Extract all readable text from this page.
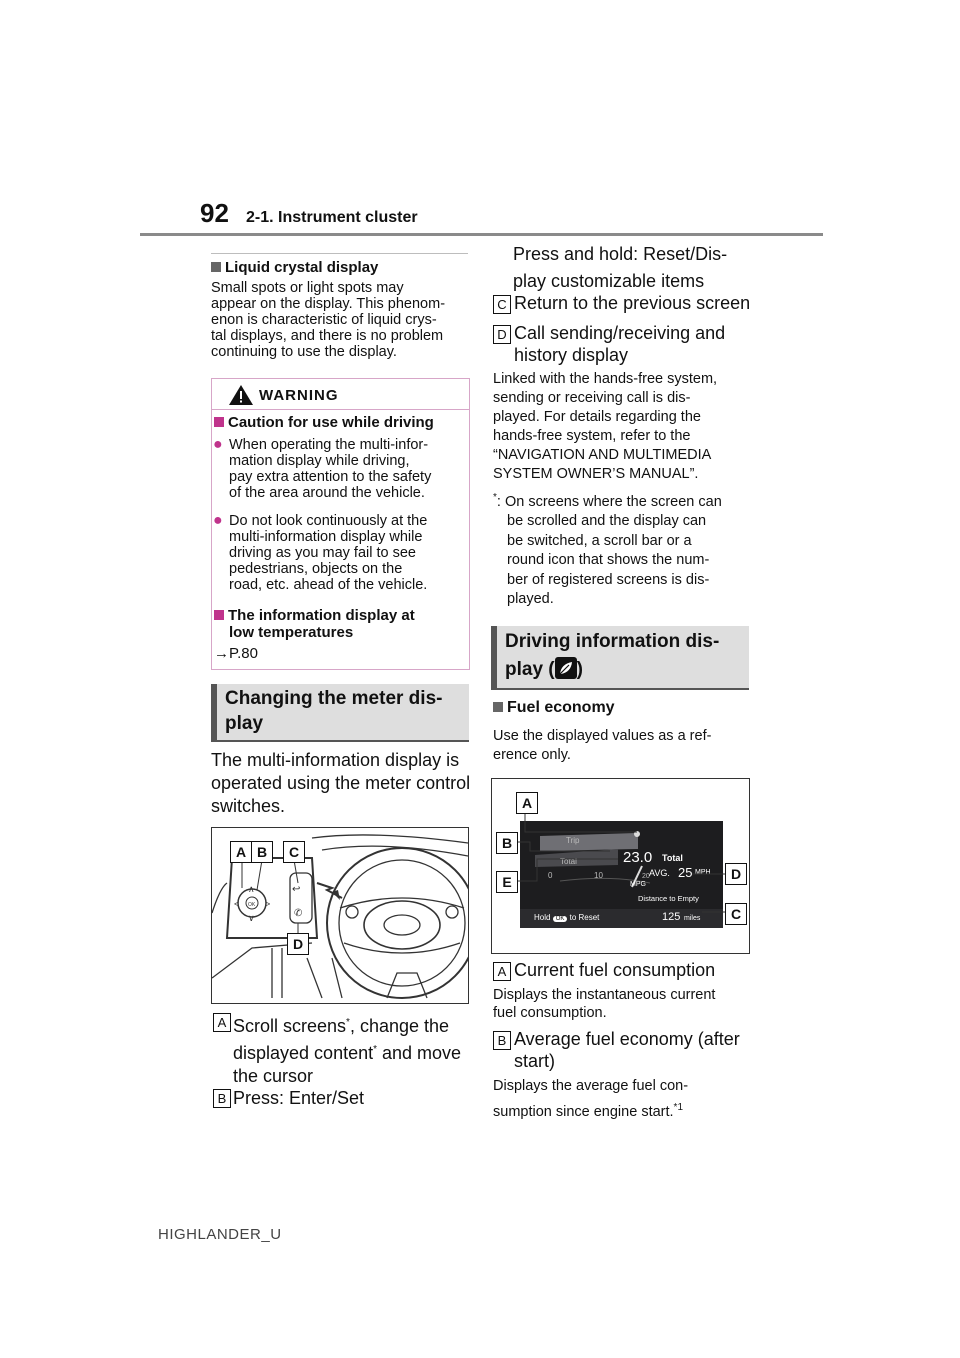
92 2-1. Instrument cluster
Liquid crystal display
Small spots or light spots may
appear on the display. This phenom-
enon is characteristic of liquid crys-
tal displays, and there is no problem
continuing to use the display.
WARNING
Caution for use while driving
● When operating the multi-infor-
mation display while driving,
pay extra attention to the safety
of the area around the vehicle.
● Do not look continuously at the
multi-information display while
driving as you may fail to see
pedestrians, objects on the
road, etc. ahead of the vehicle.
The information display at
low temperatures
→P.80
Changing the meter dis-
play
The multi-information display is
operated using the meter control
switches.
OK
∧
∨
<	>
↩
✆
A B	C
D
A Scroll screens*, change the
displayed content* and move
the cursor
B Press: Enter/Set
Press and hold: Reset/Dis-
play customizable items
C Return to the previous screen
D Call sending/receiving and
history display
Linked with the hands-free system,
sending or receiving call is dis-
played. For details regarding the
hands-free system, refer to the
“NAVIGATION AND MULTIMEDIA
SYSTEM OWNER’S MANUAL”.
*: On screens where the screen can
be scrolled and the display can
be switched, a scroll bar or a
round icon that shows the num-
ber of registered screens is dis-
played.
Driving information dis-
play ( )
Fuel economy
Use the displayed values as a ref-
erence only.
Trip
Total	23.0 Total
AVG. 25 MPH
0	10	20
MPG
Distance to Empty
Hold OK to Reset	125 miles
A
B
E	D
C
A Current fuel consumption
Displays the instantaneous current
fuel consumption.
B Average fuel economy (after
start)
Displays the average fuel con-
sumption since engine start.$^{*1}$
HIGHLANDER_U
